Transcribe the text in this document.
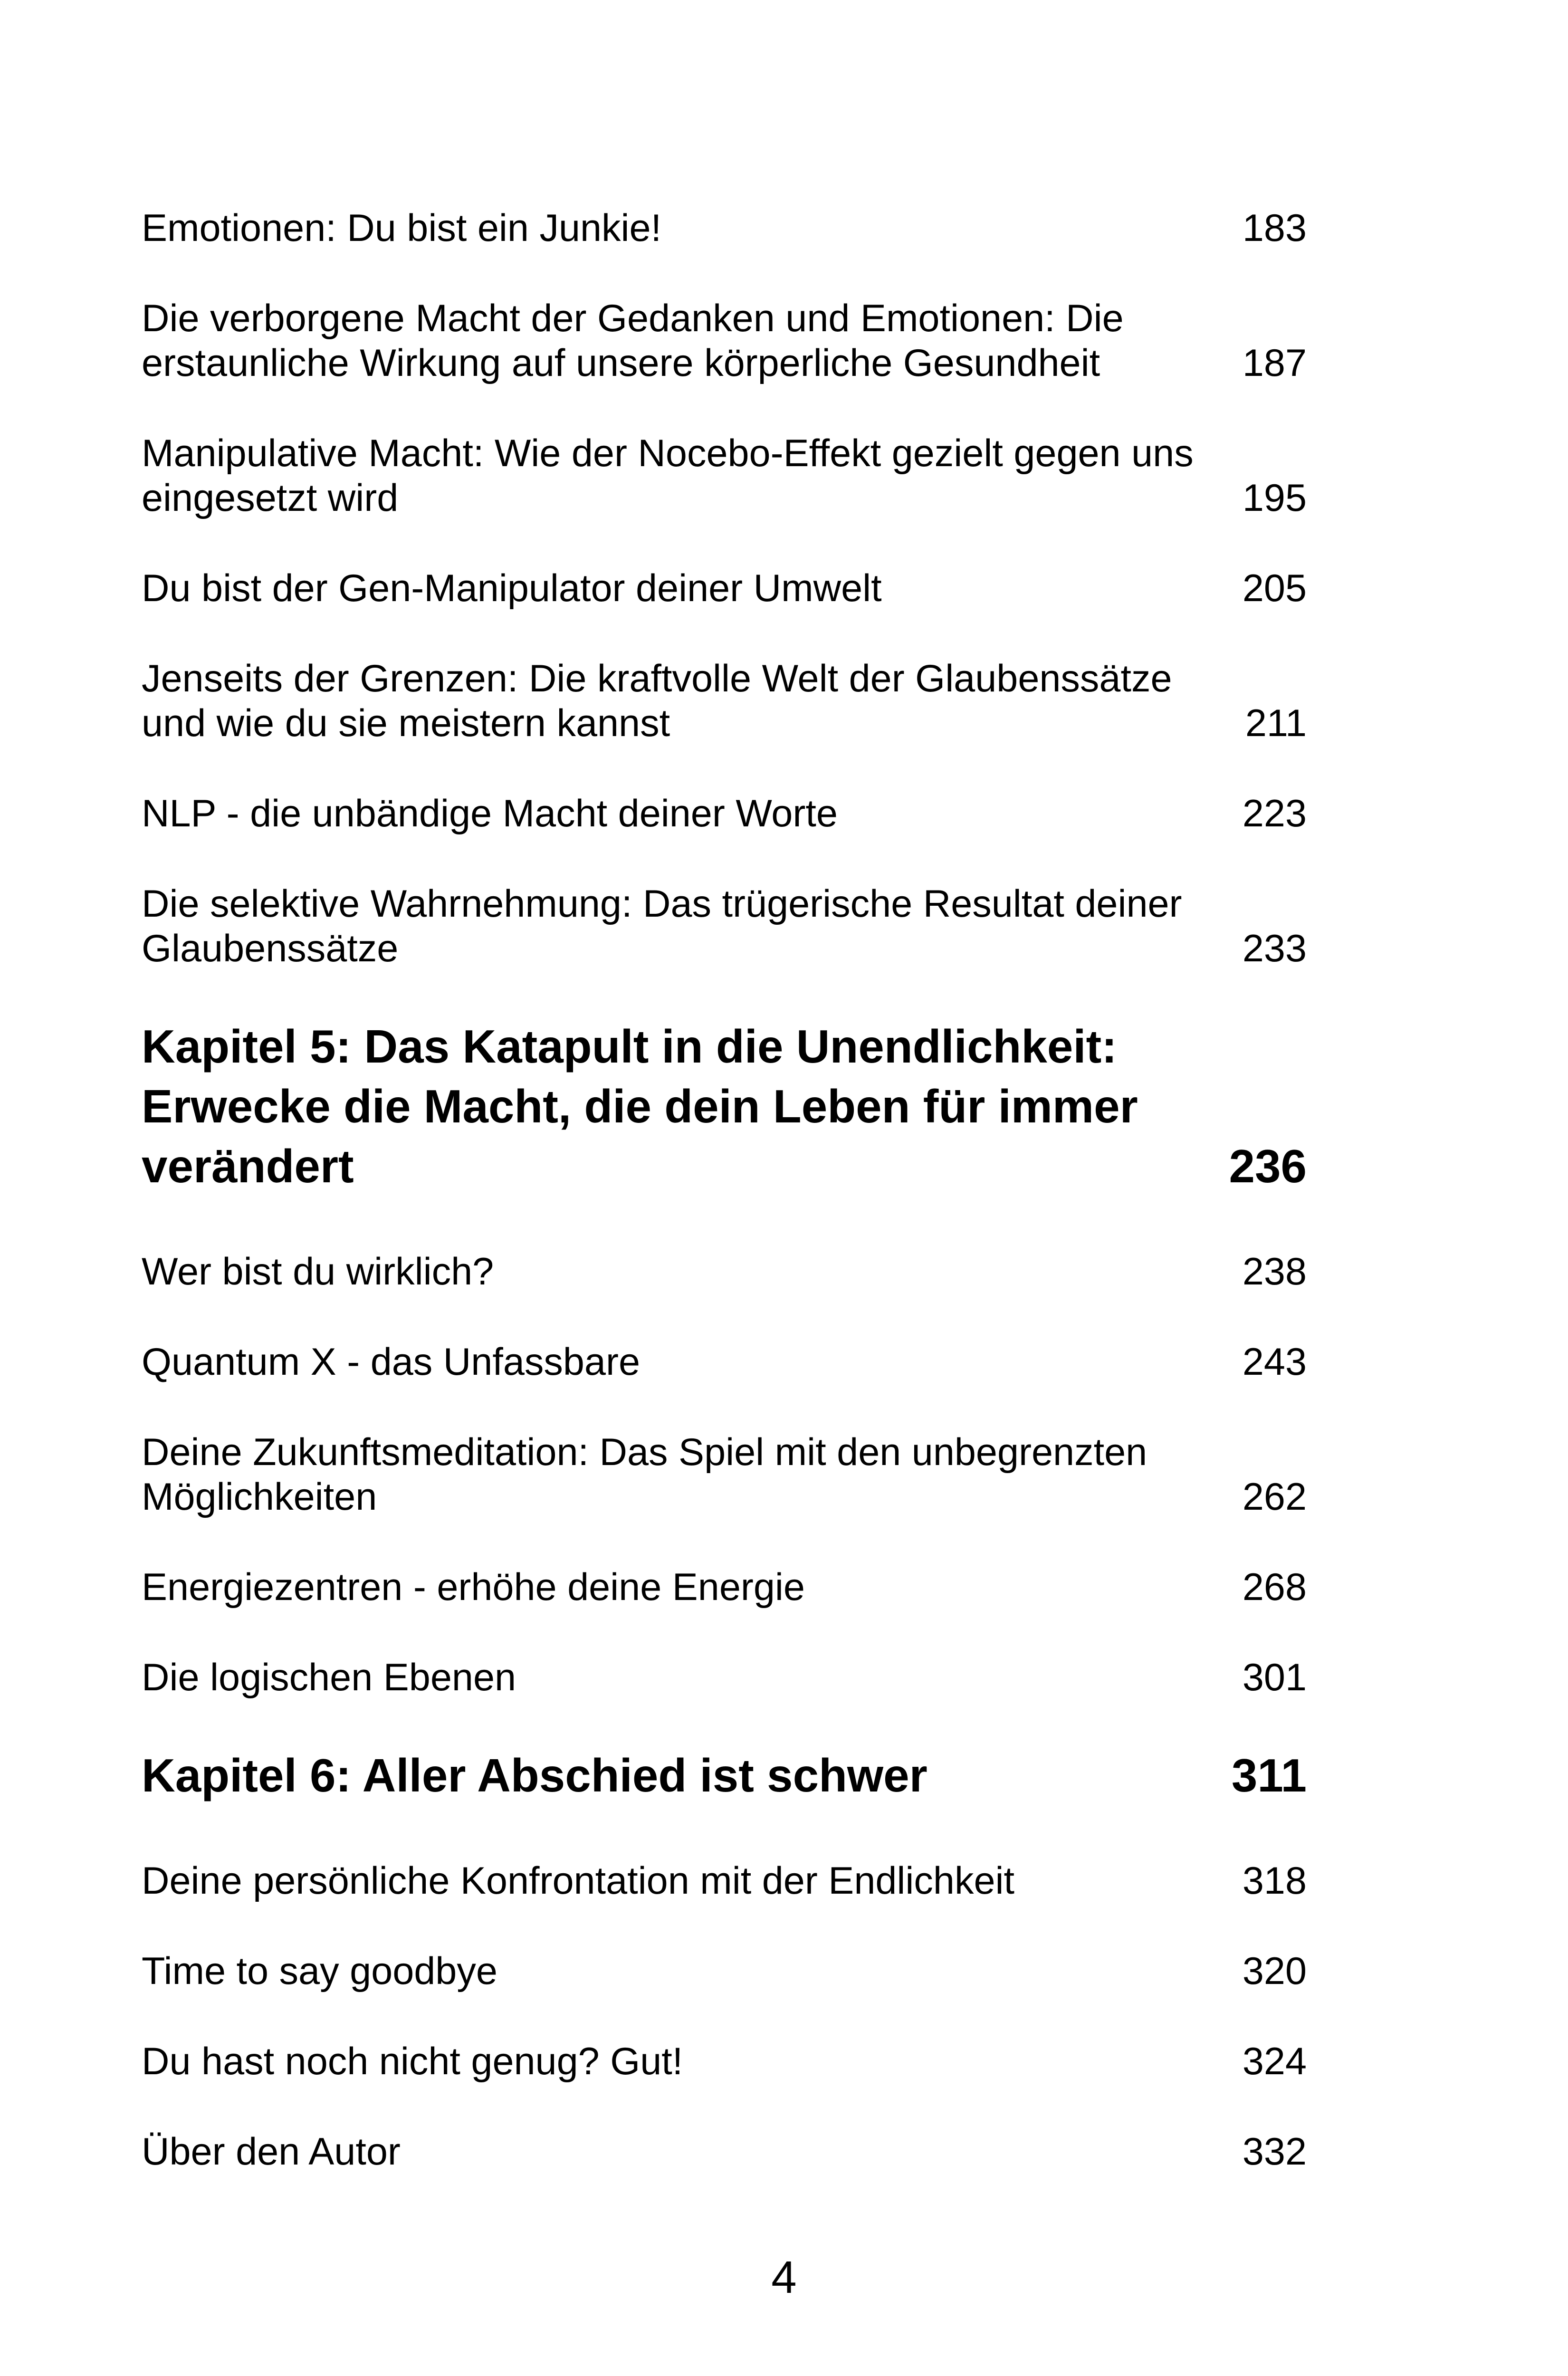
Emotionen: Du bist ein Junkie!	183
Die verborgene Macht der Gedanken und Emotionen: Die erstaunliche Wirkung auf unsere körperliche Gesundheit	187
Manipulative Macht: Wie der Nocebo-Effekt gezielt gegen uns eingesetzt wird	195
Du bist der Gen-Manipulator deiner Umwelt	205
Jenseits der Grenzen: Die kraftvolle Welt der Glaubenssätze und wie du sie meistern kannst	211
NLP - die unbändige Macht deiner Worte	223
Die selektive Wahrnehmung: Das trügerische Resultat deiner Glaubenssätze	233
Kapitel 5: Das Katapult in die Unendlichkeit: Erwecke die Macht, die dein Leben für immer verändert	236
Wer bist du wirklich?	238
Quantum X - das Unfassbare	243
Deine Zukunftsmeditation: Das Spiel mit den unbegrenzten Möglichkeiten	262
Energiezentren - erhöhe deine Energie	268
Die logischen Ebenen	301
Kapitel 6: Aller Abschied ist schwer	311
Deine persönliche Konfrontation mit der Endlichkeit	318
Time to say goodbye	320
Du hast noch nicht genug? Gut!	324
Über den Autor	332
4
